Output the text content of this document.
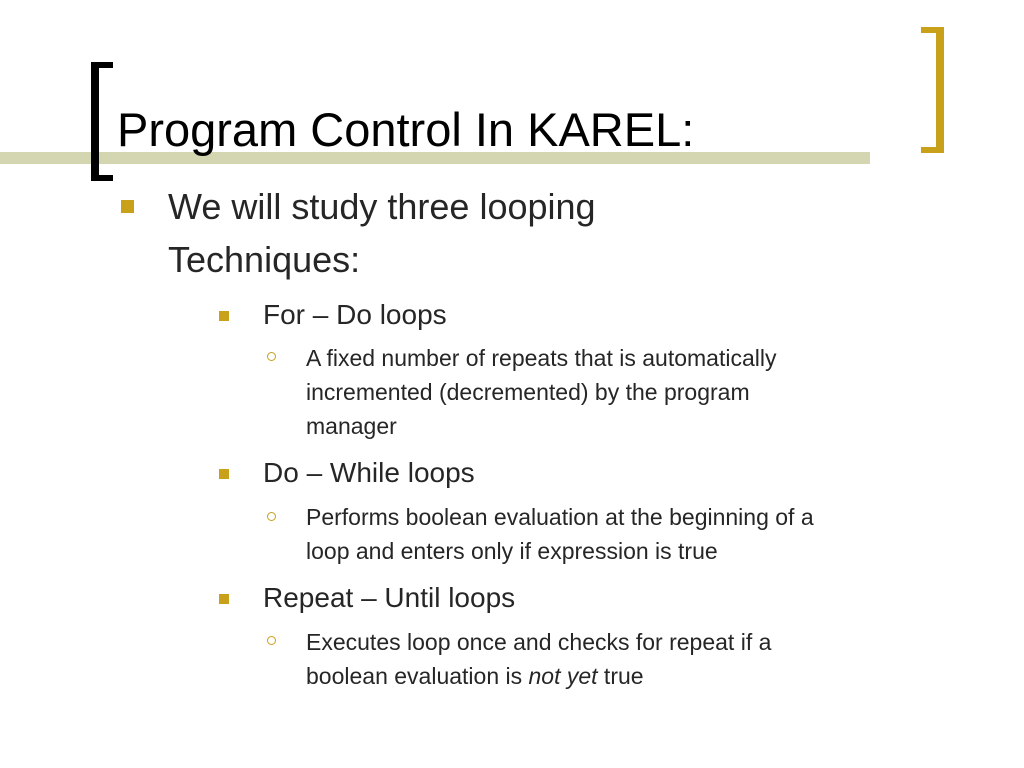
Program Control In KAREL:
We will study three looping
Techniques:
For – Do loops
A fixed number of repeats that is automatically
incremented (decremented) by the program
manager
Do – While loops
Performs boolean evaluation at the beginning of a
loop and enters only if expression is true
Repeat – Until loops
Executes loop once and checks for repeat if a
boolean evaluation is not yet true
